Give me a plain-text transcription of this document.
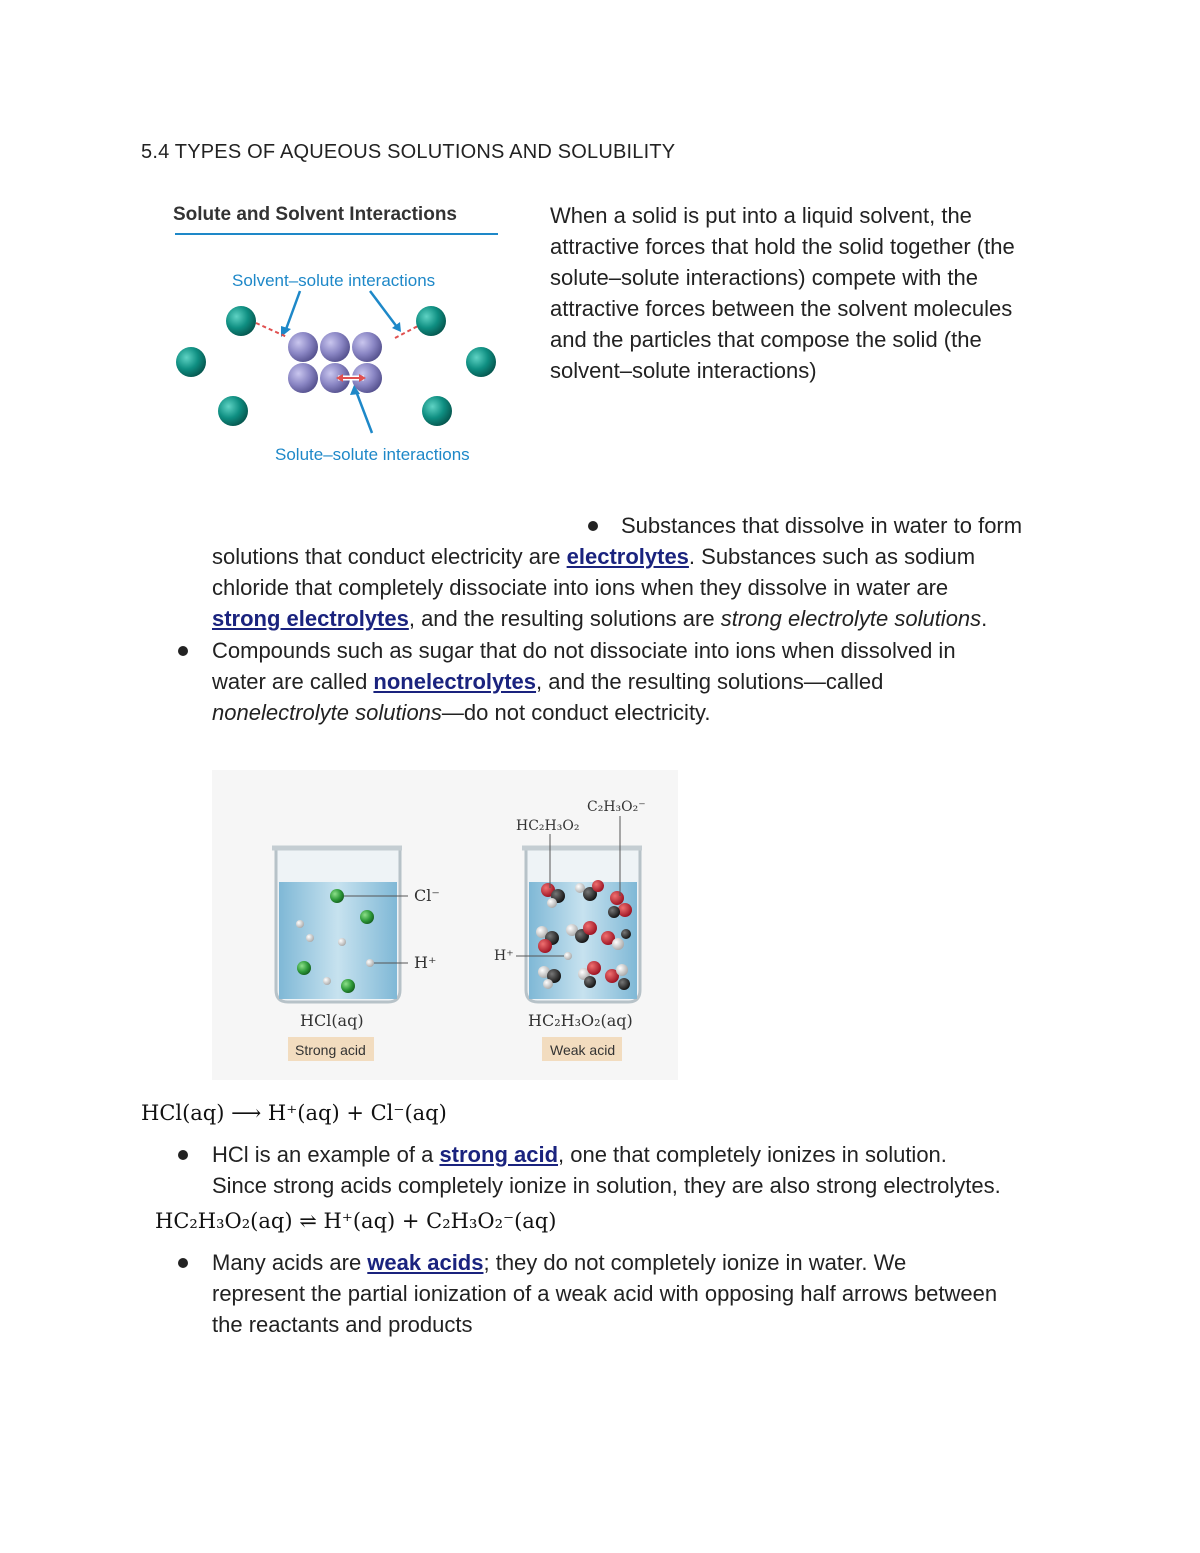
5.4 TYPES OF AQUEOUS SOLUTIONS AND SOLUBILITY
Solute and Solvent Interactions
Solvent–solute interactions
Solute–solute interactions
When a solid is put into a liquid solvent, the
attractive forces that hold the solid together (the
solute–solute interactions) compete with the
attractive forces between the solvent molecules
and the particles that compose the solid (the
solvent–solute interactions)
Substances that dissolve in water to form
solutions that conduct electricity are electrolytes. Substances such as sodium
chloride that completely dissociate into ions when they dissolve in water are
strong electrolytes, and the resulting solutions are strong electrolyte solutions.
Compounds such as sugar that do not dissociate into ions when dissolved in
water are called nonelectrolytes, and the resulting solutions—called
nonelectrolyte solutions—do not conduct electricity.
Cl⁻
H⁺
HCl(aq)
Strong acid
C₂H₃O₂⁻
HC₂H₃O₂
H⁺
HC₂H₃O₂(aq)
Weak acid
HCl(aq) ⟶ H⁺(aq) + Cl⁻(aq)
HCl is an example of a strong acid, one that completely ionizes in solution.
Since strong acids completely ionize in solution, they are also strong electrolytes.
HC₂H₃O₂(aq) ⇌ H⁺(aq) + C₂H₃O₂⁻(aq)
Many acids are weak acids; they do not completely ionize in water. We
represent the partial ionization of a weak acid with opposing half arrows between
the reactants and products
